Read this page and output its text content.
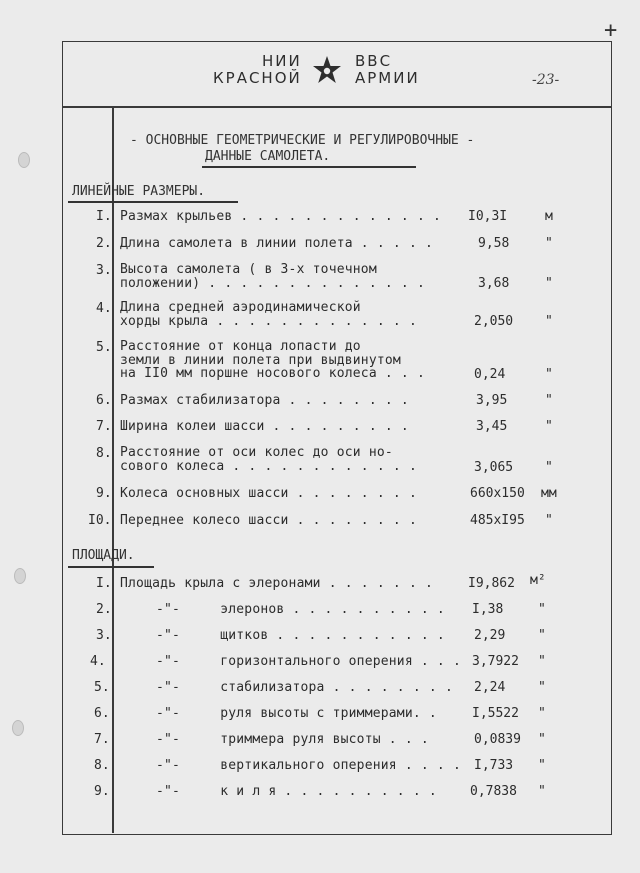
+
НИИ
КРАСНОЙ
ВВС
АРМИИ	-23-
- ОСНОВНЫЕ ГЕОМЕТРИЧЕСКИЕ И РЕГУЛИРОВОЧНЫЕ -
ДАННЫЕ САМОЛЕТА.
ЛИНЕЙНЫЕ РАЗМЕРЫ.
I. Размах крыльев . . . . . . . . . . . . . I0,3I	м
2. Длина самолета в линии полета . . . . .	9,58	"
3. Высота самолета ( в 3-х точечном
положении) . . . . . . . . . . . . . .	3,68	"
4. Длина средней аэродинамической
хорды крыла . . . . . . . . . . . . .	2,050 "
5. Расстояние от конца лопасти до
земли в линии полета при выдвинутом
на II0 мм поршне носового колеса . . .	0,24	"
6. Размах стабилизатора . . . . . . . .	3,95	"
7. Ширина колеи шасси . . . . . . . . .	3,45	"
8. Расстояние от оси колес до оси но-
сового колеса . . . . . . . . . . . .	3,065 "
9. Колеса основных шасси . . . . . . . .	660х150 мм
I0. Переднее колесо шасси . . . . . . . .	485хI95 "
ПЛОЩАДИ.
I. Площадь крыла с элеронами . . . . . . .	I9,862 м²
2.	-"-     элеронов . . . . . . . . . . I,38	"
3.	-"-     щитков . . . . . . . . . . . 2,29	"
4.	-"-     горизонтального оперения . . . 3,7922 "
5.	-"-     стабилизатора . . . . . . . . 2,24	"
6.	-"-     руля высоты с триммерами. .	I,5522 "
7.	-"-     триммера руля высоты . . .	0,0839 "
8.	-"-     вертикального оперения . . . . I,733 "
9.	-"-     к и л я . . . . . . . . . .	0,7838 "
